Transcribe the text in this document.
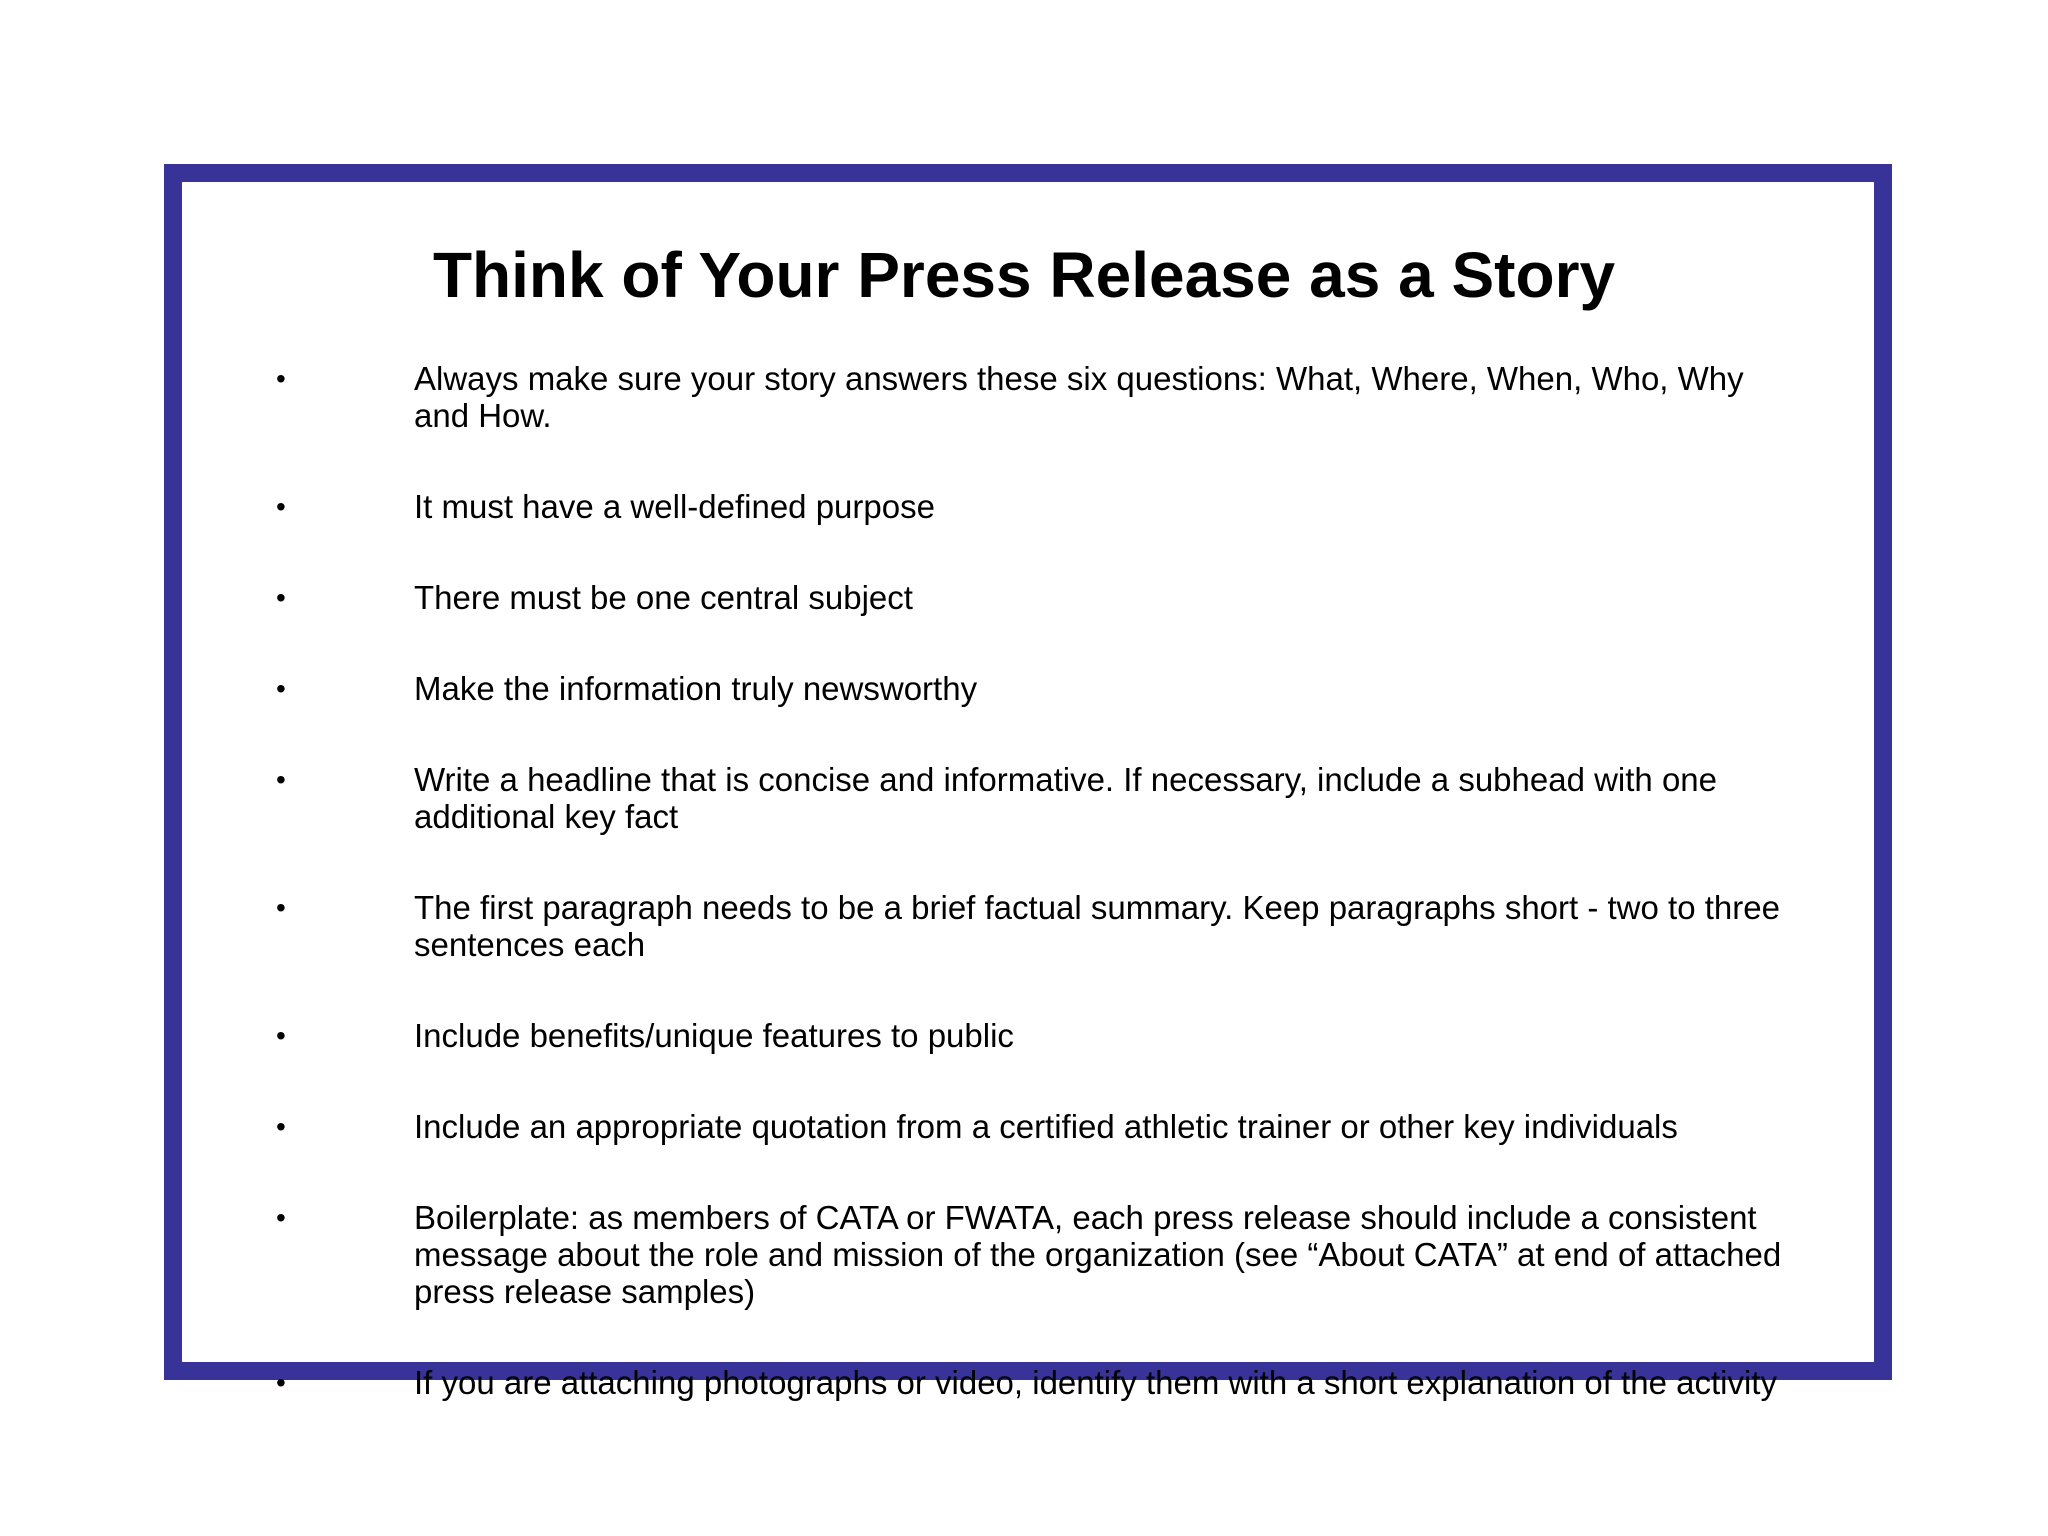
Think of Your Press Release as a Story
•	Always make sure your story answers these six questions: What, Where, When, Who, Why and How.
•	It must have a well-defined purpose
•	There must be one central subject
•	Make the information truly newsworthy
•	Write a headline that is concise and informative. If necessary, include a subhead with one additional key fact
•	The first paragraph needs to be a brief factual summary. Keep paragraphs short - two to three sentences each
•	Include benefits/unique features to public
•	Include an appropriate quotation from a certified athletic trainer or other key individuals
•	Boilerplate: as members of CATA or FWATA, each press release should include a consistent message about the role and mission of the organization (see “About CATA” at end of attached press release samples)
•	If you are attaching photographs or video, identify them with a short explanation of the activity
